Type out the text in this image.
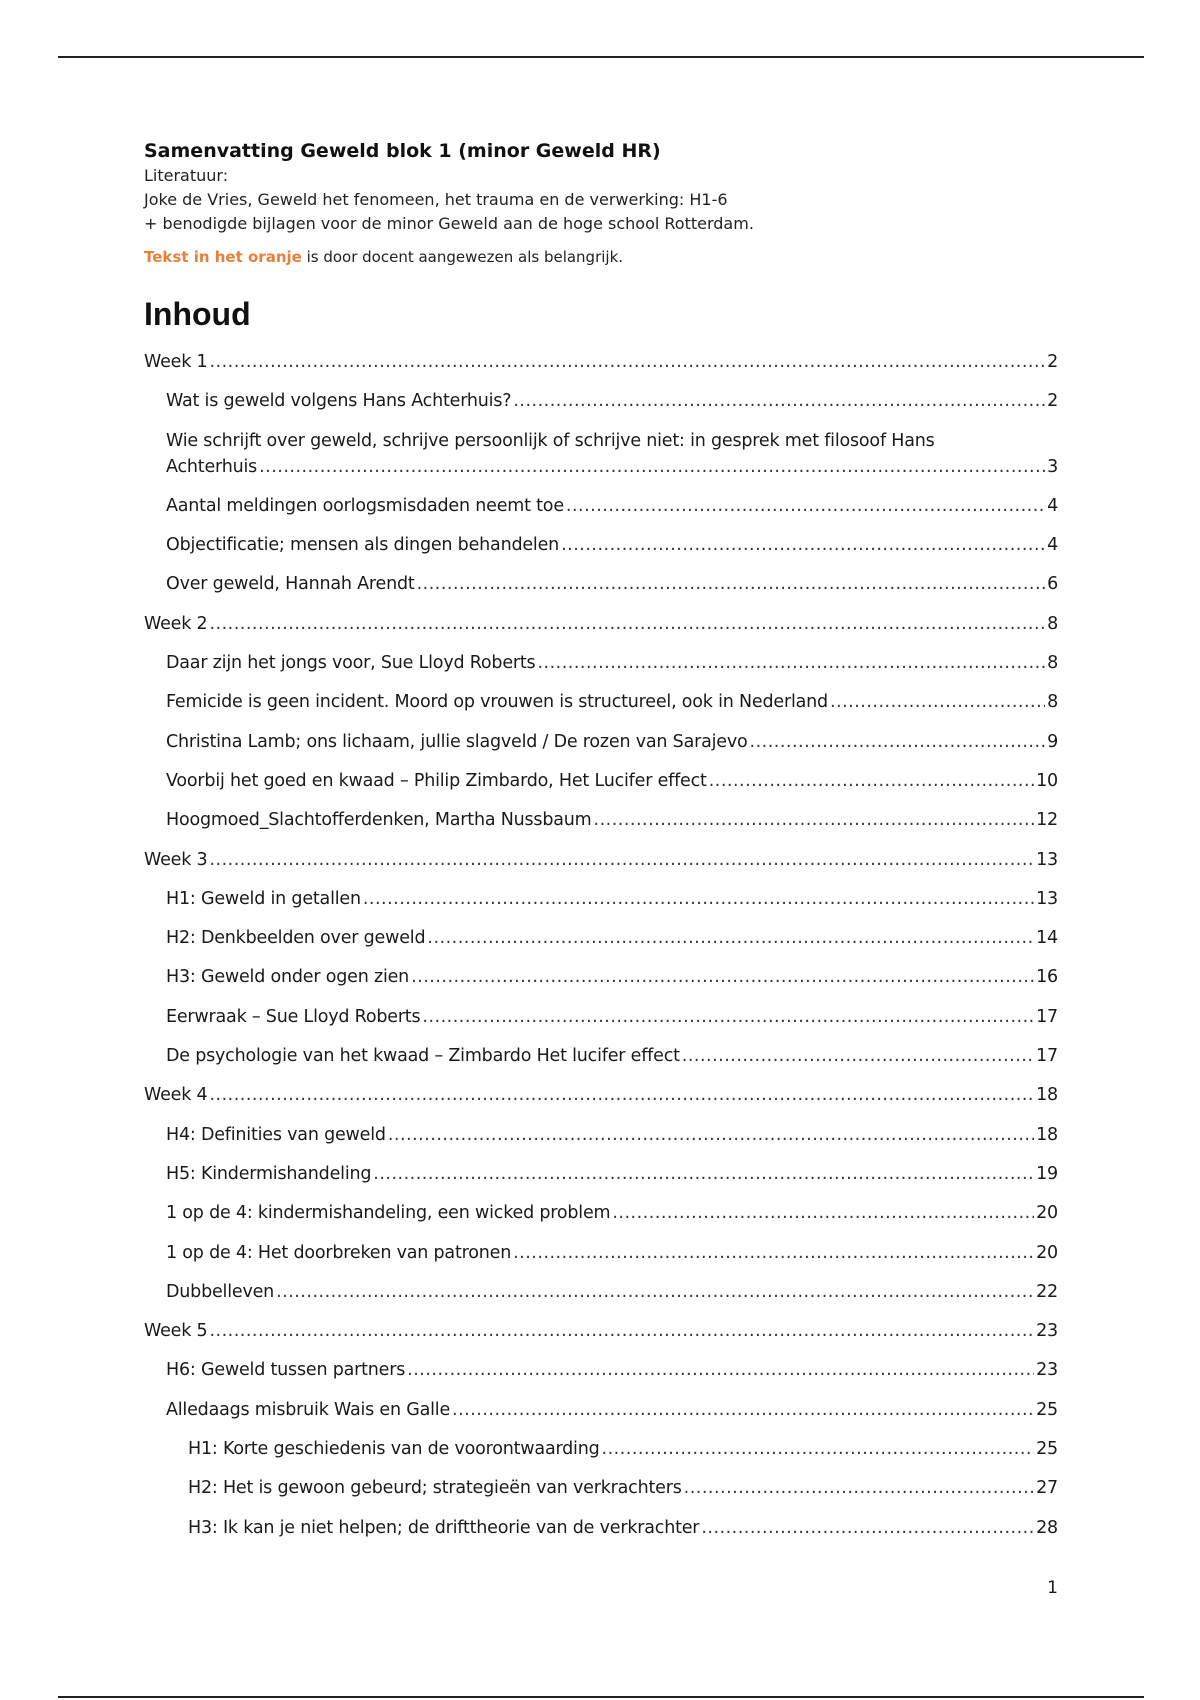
Samenvatting Geweld blok 1 (minor Geweld HR)
Literatuur:
Joke de Vries, Geweld het fenomeen, het trauma en de verwerking: H1-6
+ benodigde bijlagen voor de minor Geweld aan de hoge school Rotterdam.
Tekst in het oranje is door docent aangewezen als belangrijk.
Inhoud
Week 1 .....	2
Wat is geweld volgens Hans Achterhuis? .....	2
Wie schrijft over geweld, schrijve persoonlijk of schrijve niet: in gesprek met filosoof Hans
Achterhuis .....	3
Aantal meldingen oorlogsmisdaden neemt toe .....	4
Objectificatie; mensen als dingen behandelen .....	4
Over geweld, Hannah Arendt .....	6
Week 2 .....	8
Daar zijn het jongs voor, Sue Lloyd Roberts .....	8
Femicide is geen incident. Moord op vrouwen is structureel, ook in Nederland .....	8
Christina Lamb; ons lichaam, jullie slagveld / De rozen van Sarajevo .....	9
Voorbij het goed en kwaad – Philip Zimbardo, Het Lucifer effect .....	10
Hoogmoed_Slachtofferdenken, Martha Nussbaum .....	12
Week 3 .....	13
H1: Geweld in getallen .....	13
H2: Denkbeelden over geweld .....	14
H3: Geweld onder ogen zien .....	16
Eerwraak – Sue Lloyd Roberts .....	17
De psychologie van het kwaad – Zimbardo Het lucifer effect .....	17
Week 4 .....	18
H4: Definities van geweld .....	18
H5: Kindermishandeling .....	19
1 op de 4: kindermishandeling, een wicked problem .....	20
1 op de 4: Het doorbreken van patronen .....	20
Dubbelleven .....	22
Week 5 .....	23
H6: Geweld tussen partners .....	23
Alledaags misbruik Wais en Galle .....	25
H1: Korte geschiedenis van de voorontwaarding .....	25
H2: Het is gewoon gebeurd; strategieën van verkrachters .....	27
H3: Ik kan je niet helpen; de drifttheorie van de verkrachter .....	28
1
